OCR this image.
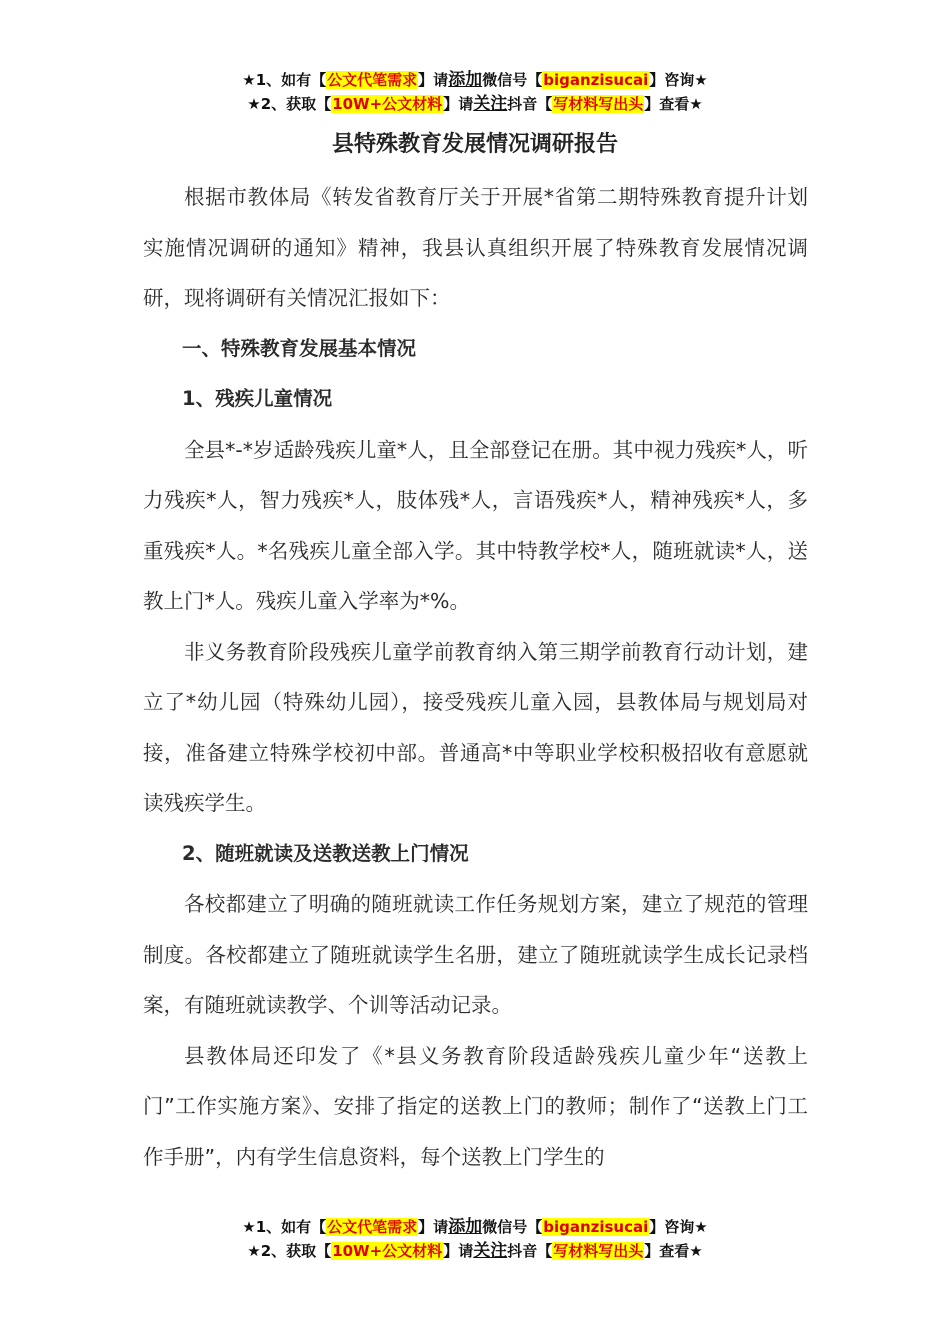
★1、如有【公文代笔需求】请添加微信号【biganzisucai】咨询★
★2、获取【10W+公文材料】请关注抖音【写材料写出头】查看★
县特殊教育发展情况调研报告

根据市教体局《转发省教育厅关于开展*省第二期特殊教育提升计划实施情况调研的通知》精神，我县认真组织开展了特殊教育发展情况调研，现将调研有关情况汇报如下：

一、特殊教育发展基本情况

1、残疾儿童情况

全县*-*岁适龄残疾儿童*人，且全部登记在册。其中视力残疾*人，听力残疾*人，智力残疾*人，肢体残*人，言语残疾*人，精神残疾*人，多重残疾*人。*名残疾儿童全部入学。其中特教学校*人，随班就读*人，送教上门*人。残疾儿童入学率为*%。

非义务教育阶段残疾儿童学前教育纳入第三期学前教育行动计划，建立了*幼儿园（特殊幼儿园），接受残疾儿童入园，县教体局与规划局对接，准备建立特殊学校初中部。普通高*中等职业学校积极招收有意愿就读残疾学生。

2、随班就读及送教送教上门情况

各校都建立了明确的随班就读工作任务规划方案，建立了规范的管理制度。各校都建立了随班就读学生名册，建立了随班就读学生成长记录档案，有随班就读教学、个训等活动记录。

县教体局还印发了《*县义务教育阶段适龄残疾儿童少年“送教上门”工作实施方案》、安排了指定的送教上门的教师；制作了“送教上门工作手册”，内有学生信息资料，每个送教上门学生的

★1、如有【公文代笔需求】请添加微信号【biganzisucai】咨询★
★2、获取【10W+公文材料】请关注抖音【写材料写出头】查看★
